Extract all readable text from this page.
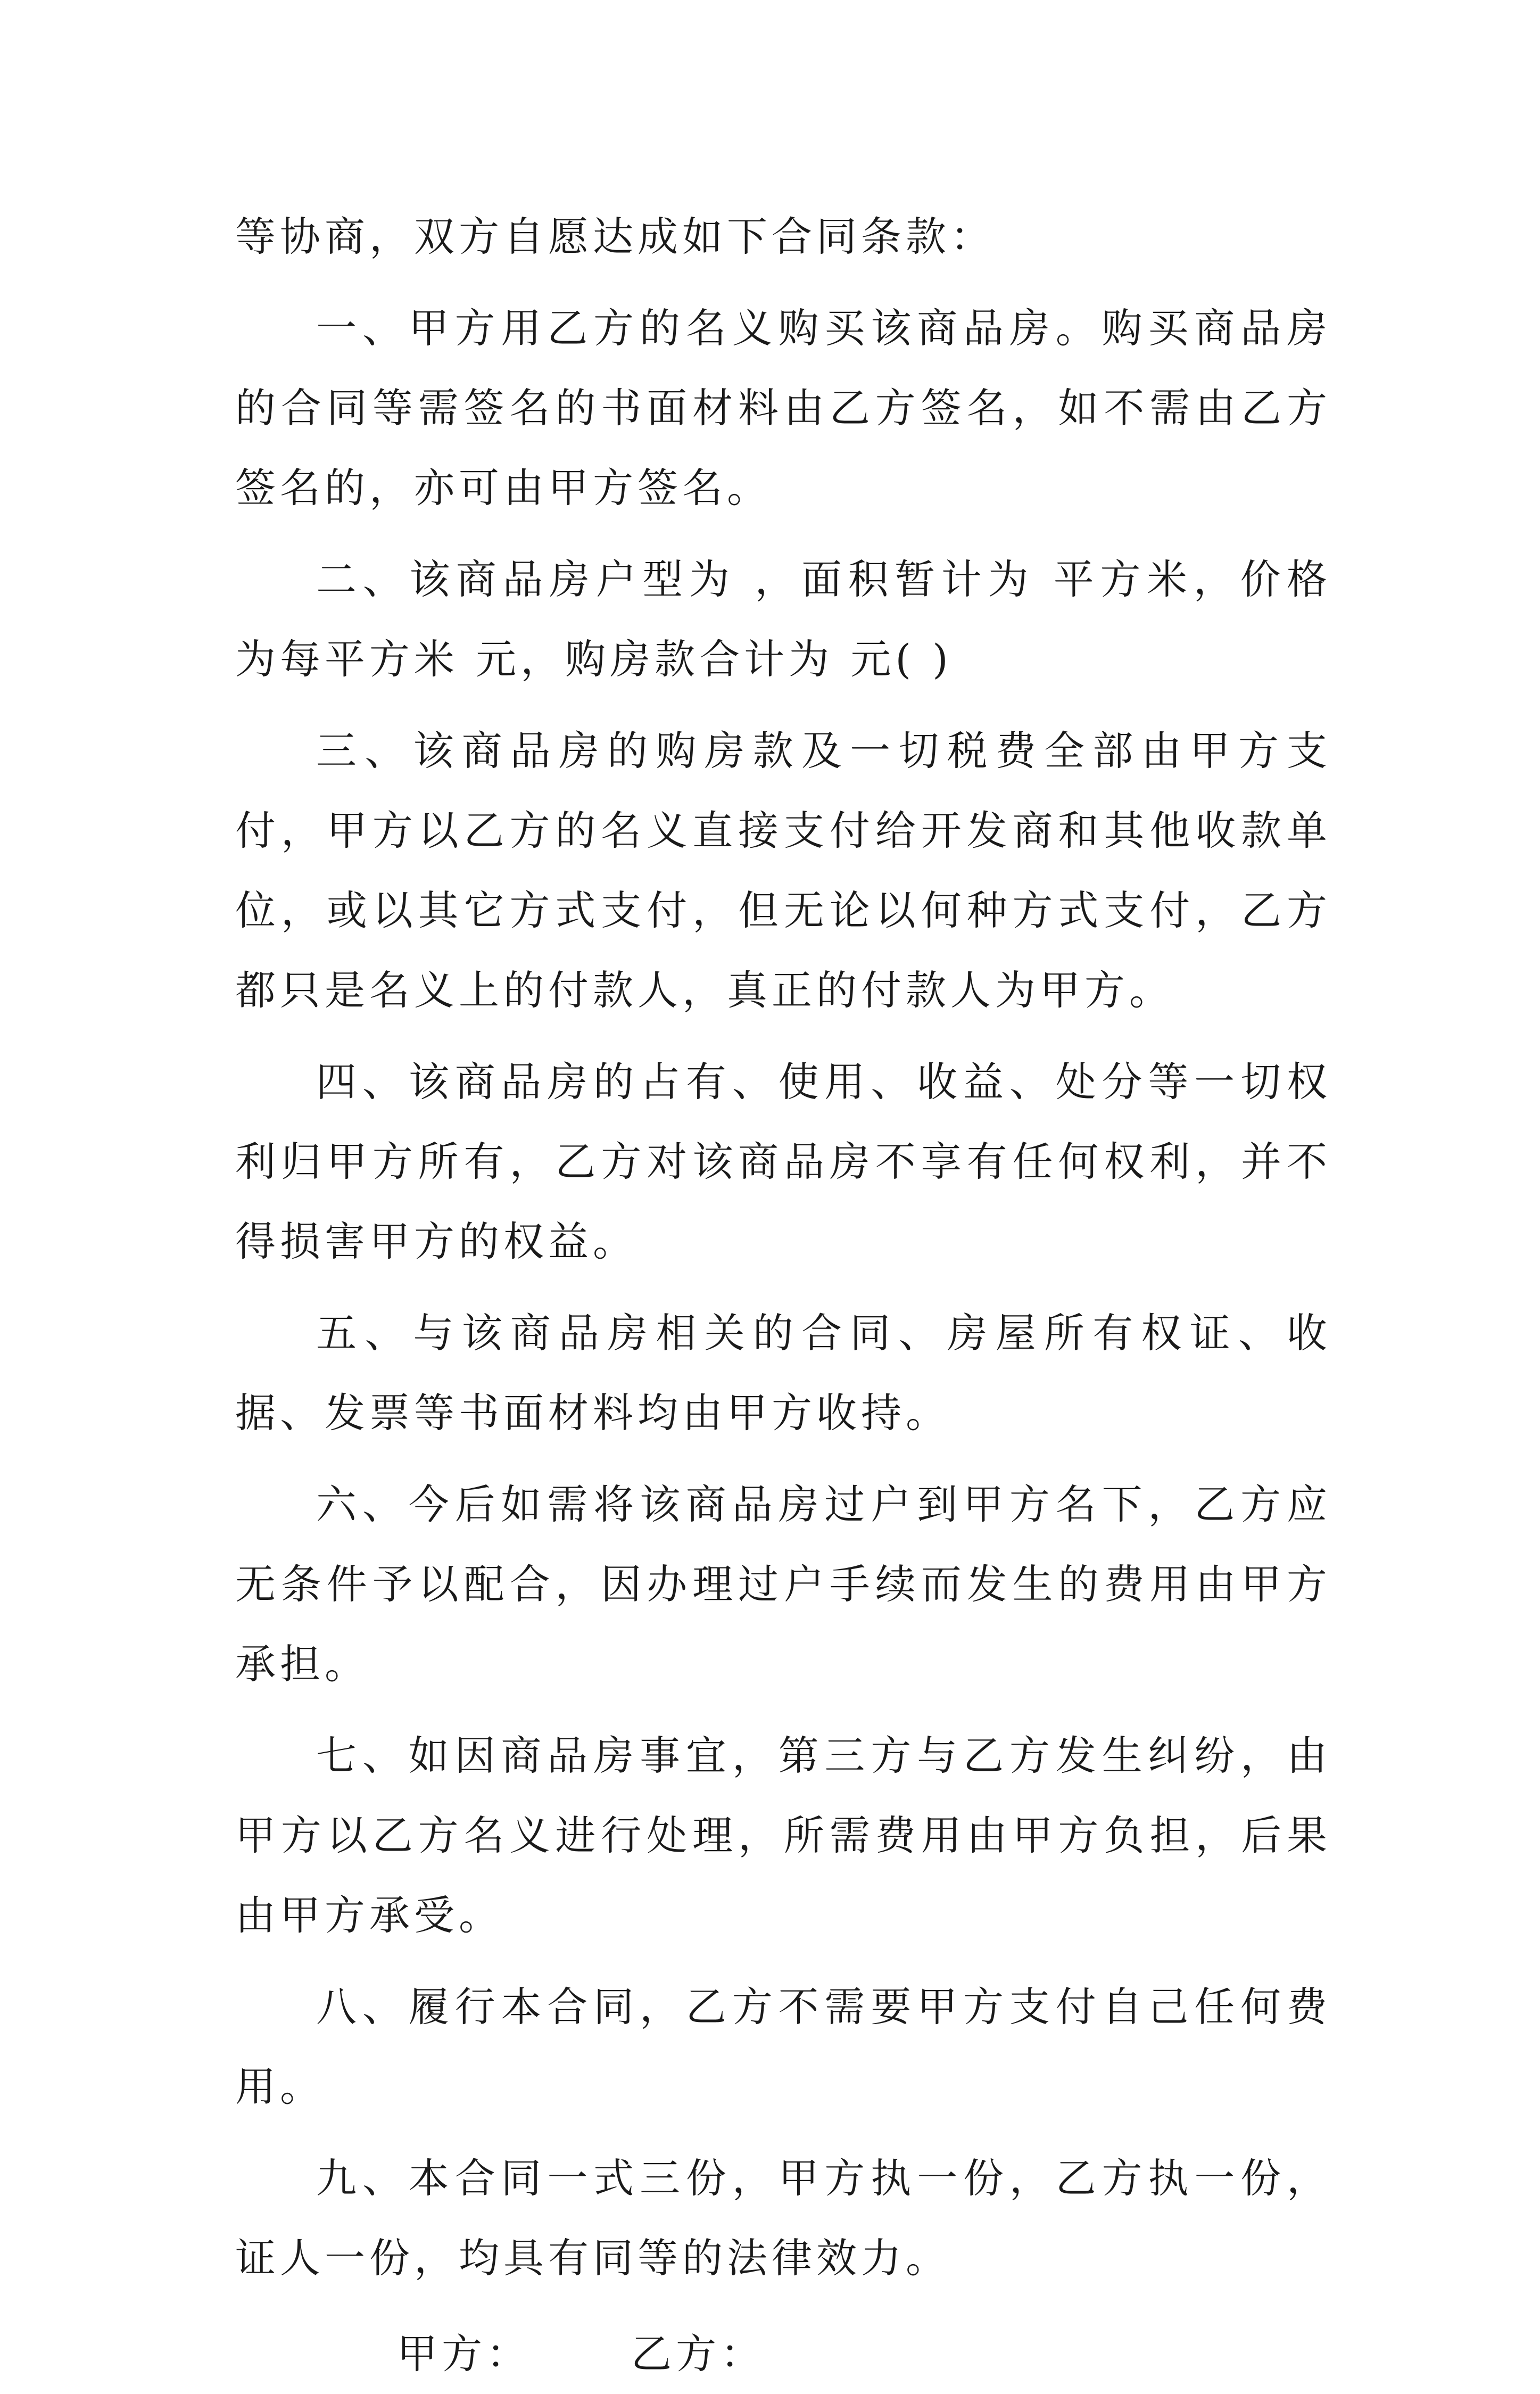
等协商，双方自愿达成如下合同条款：

一、甲方用乙方的名义购买该商品房。购买商品房的合同等需签名的书面材料由乙方签名，如不需由乙方签名的，亦可由甲方签名。

二、该商品房户型为 ，面积暂计为 平方米，价格为每平方米 元，购房款合计为 元( )

三、该商品房的购房款及一切税费全部由甲方支付，甲方以乙方的名义直接支付给开发商和其他收款单位，或以其它方式支付，但无论以何种方式支付，乙方都只是名义上的付款人，真正的付款人为甲方。

四、该商品房的占有、使用、收益、处分等一切权利归甲方所有，乙方对该商品房不享有任何权利，并不得损害甲方的权益。

五、与该商品房相关的合同、房屋所有权证、收据、发票等书面材料均由甲方收持。

六、今后如需将该商品房过户到甲方名下，乙方应无条件予以配合，因办理过户手续而发生的费用由甲方承担。

七、如因商品房事宜，第三方与乙方发生纠纷，由甲方以乙方名义进行处理，所需费用由甲方负担，后果由甲方承受。

八、履行本合同，乙方不需要甲方支付自己任何费用。

九、本合同一式三份，甲方执一份，乙方执一份，证人一份，均具有同等的法律效力。

甲方： 乙方：
